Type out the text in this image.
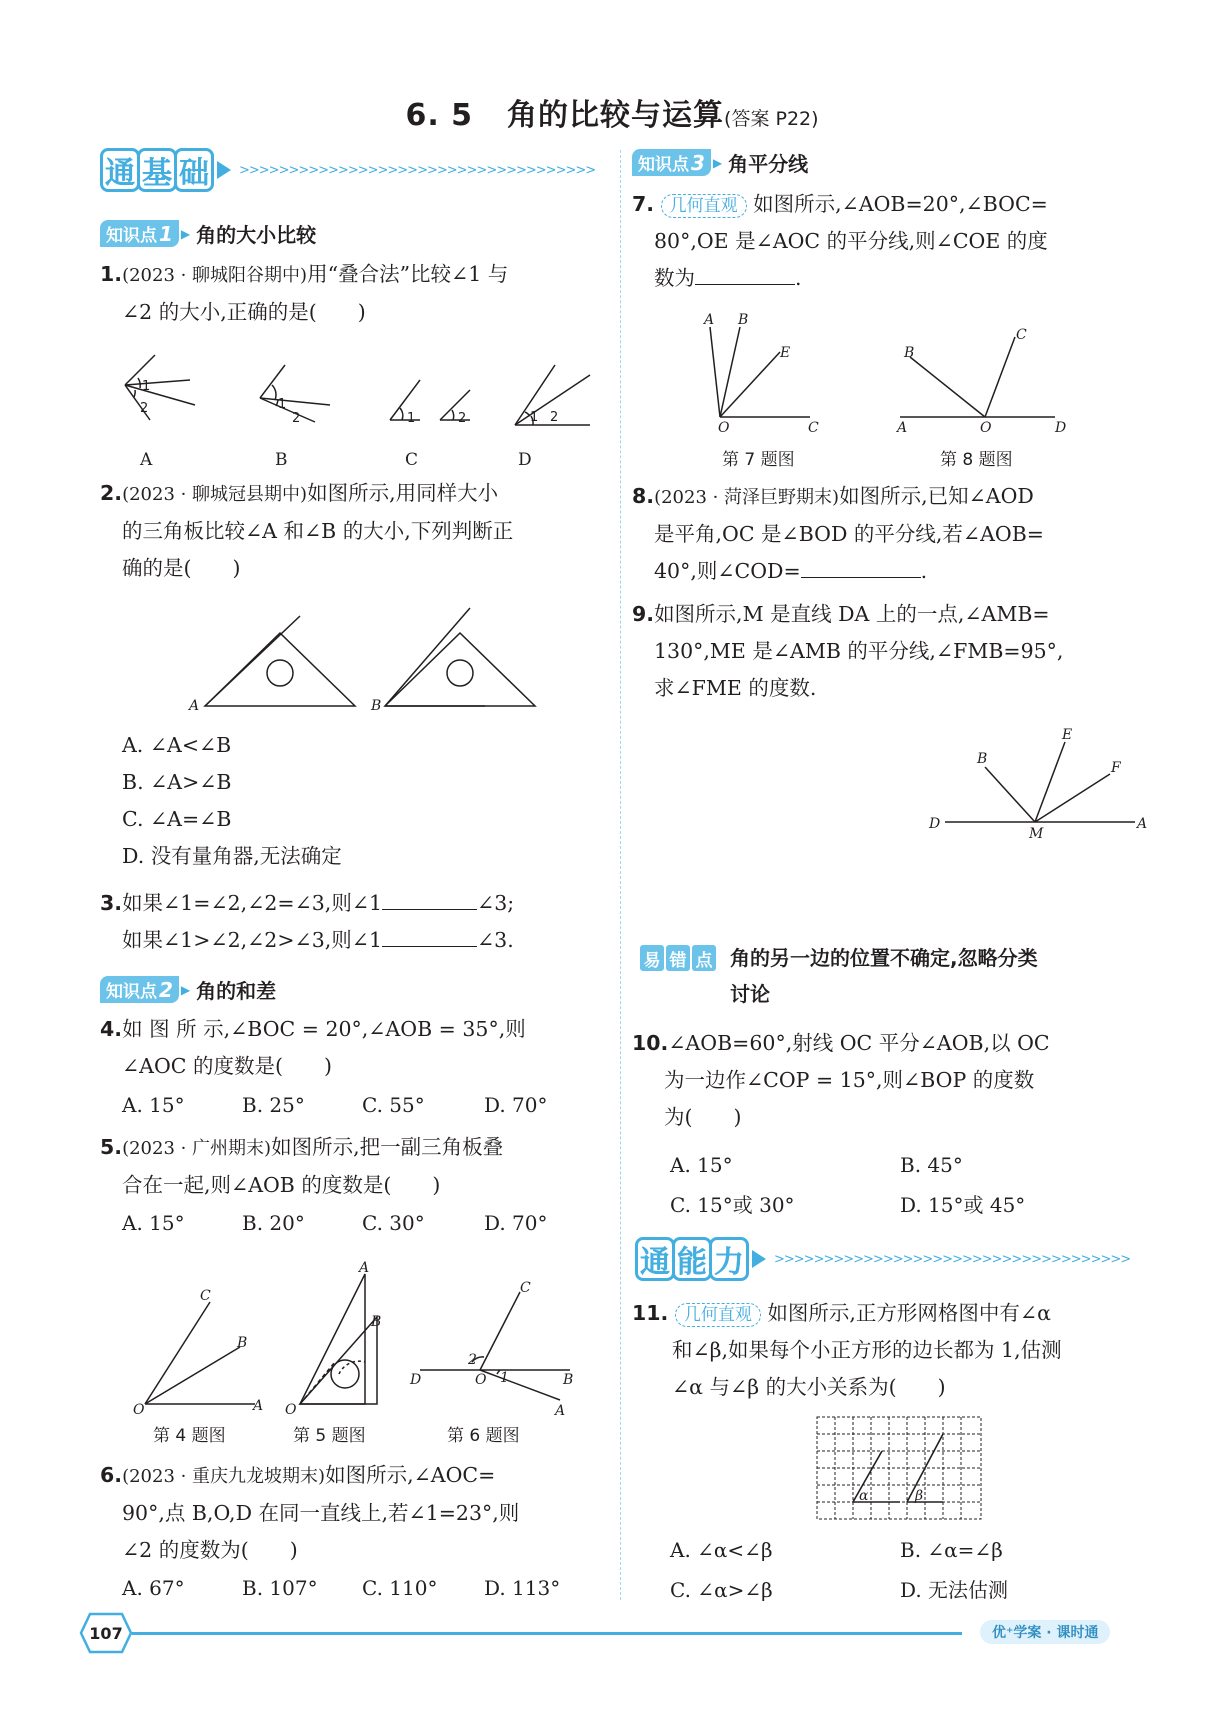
6. 5 角的比较与运算(答案 P22)
通 基 础	>>>>>>>>>>>>>>>>>>>>>>>>>>>>>>>>>>>>
知识点 1 ▶ 角的大小比较
1.(2023 · 聊城阳谷期中)用“叠合法”比较∠1 与
∠2 的大小,正确的是(　　)
1
2	1
2	1	2	1 2
A	B	C	D
2.(2023 · 聊城冠县期中)如图所示,用同样大小
的三角板比较∠A 和∠B 的大小,下列判断正
确的是(　　)
A	B
A. ∠A<∠B
B. ∠A>∠B
C. ∠A=∠B
D. 没有量角器,无法确定
3.如果∠1=∠2,∠2=∠3,则∠1	∠3;
如果∠1>∠2,∠2>∠3,则∠1	∠3.
知识点 2 ▶ 角的和差
4.如 图 所 示,∠BOC = 20°,∠AOB = 35°,则
∠AOC 的度数是(　　)
A. 15°	B. 25°	C. 55°	D. 70°
5.(2023 · 广州期末)如图所示,把一副三角板叠
合在一起,则∠AOB 的度数是(　　)
A. 15°	B. 20°	C. 30°	D. 70°
O	A
B
C
O
A
B
D	O	B
A
C
2
1
第 4 题图	第 5 题图	第 6 题图
6.(2023 · 重庆九龙坡期末)如图所示,∠AOC=
90°,点 B,O,D 在同一直线上,若∠1=23°,则
∠2 的度数为(　　)
A. 67°	B. 107°	C. 110°	D. 113°
知识点 3 ▶ 角平分线
7. 几何直观 如图所示,∠AOB=20°,∠BOC=
80°,OE 是∠AOC 的平分线,则∠COE 的度
数为	.
A B
E
O	C
B
C
A	O	D
第 7 题图	第 8 题图
8.(2023 · 菏泽巨野期末)如图所示,已知∠AOD
是平角,OC 是∠BOD 的平分线,若∠AOB=
40°,则∠COD=	.
9.如图所示,M 是直线 DA 上的一点,∠AMB=
130°,ME 是∠AMB 的平分线,∠FMB=95°,
求∠FME 的度数.
D	A
M
B
E
F
易 错 点 角的另一边的位置不确定,忽略分类
讨论
10.∠AOB=60°,射线 OC 平分∠AOB,以 OC
为一边作∠COP = 15°,则∠BOP 的度数
为(　　)
A. 15°	B. 45°
C. 15°或 30°	D. 15°或 45°
通 能 力	>>>>>>>>>>>>>>>>>>>>>>>>>>>>>>>>>>>>
11. 几何直观 如图所示,正方形网格图中有∠α
和∠β,如果每个小正方形的边长都为 1,估测
∠α 与∠β 的大小关系为(　　)
α	β
A. ∠α<∠β	B. ∠α=∠β
C. ∠α>∠β	D. 无法估测
107	优⁺学案 · 课时通
